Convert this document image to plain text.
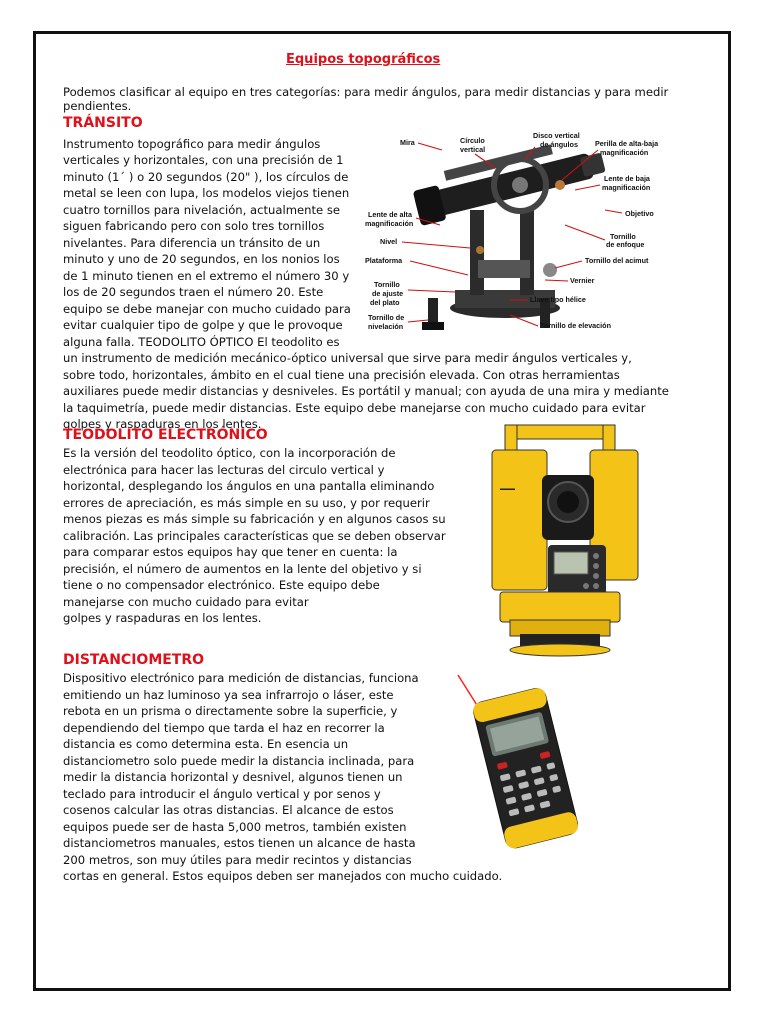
Equipos topográficos
Podemos clasificar al equipo en tres categorías: para medir ángulos, para medir distancias y para medir
pendientes.
TRÁNSITO
Instrumento topográfico para medir ángulos
verticales y horizontales, con una precisión de 1
minuto (1´ ) o 20 segundos (20" ), los círculos de
metal se leen con lupa, los modelos viejos tienen
cuatro tornillos para nivelación, actualmente se
siguen fabricando pero con solo tres tornillos
nivelantes. Para diferencia un tránsito de un
minuto y uno de 20 segundos, en los nonios los
de 1 minuto tienen en el extremo el número 30 y
los de 20 segundos traen el número 20. Este
equipo se debe manejar con mucho cuidado para
evitar cualquier tipo de golpe y que le provoque
alguna falla. TEODOLITO ÓPTICO El teodolito es
un instrumento de medición mecánico-óptico universal que sirve para medir ángulos verticales y,
sobre todo, horizontales, ámbito en el cual tiene una precisión elevada. Con otras herramientas
auxiliares puede medir distancias y desniveles. Es portátil y manual; con ayuda de una mira y mediante
la taquimetría, puede medir distancias. Este equipo debe manejarse con mucho cuidado para evitar
golpes y raspaduras en los lentes.
Mira	Círculo
vertical
Disco vertical
de ángulos Perilla de alta-baja
magnificación
Lente de baja
magnificación
Objetivo
Lente de alta
magnificación
Tornillo
de enfoque
Nivel
Plataforma	Tornillo del acimut
Tornillo
de ajuste
del plato
Vernier
Llave tipo hélice
Tornillo de
nivelación	Tornillo de elevación
TEODOLITO ELECTRÓNICO
Es la versión del teodolito óptico, con la incorporación de
electrónica para hacer las lecturas del circulo vertical y
horizontal, desplegando los ángulos en una pantalla eliminando
errores de apreciación, es más simple en su uso, y por requerir
menos piezas es más simple su fabricación y en algunos casos su
calibración. Las principales características que se deben observar
para comparar estos equipos hay que tener en cuenta: la
precisión, el número de aumentos en la lente del objetivo y si
tiene o no compensador electrónico. Este equipo debe
manejarse con mucho cuidado para evitar
golpes y raspaduras en los lentes.
▬▬▬
DISTANCIOMETRO
Dispositivo electrónico para medición de distancias, funciona
emitiendo un haz luminoso ya sea infrarrojo o láser, este
rebota en un prisma o directamente sobre la superficie, y
dependiendo del tiempo que tarda el haz en recorrer la
distancia es como determina esta. En esencia un
distanciometro solo puede medir la distancia inclinada, para
medir la distancia horizontal y desnivel, algunos tienen un
teclado para introducir el ángulo vertical y por senos y
cosenos calcular las otras distancias. El alcance de estos
equipos puede ser de hasta 5,000 metros, también existen
distanciometros manuales, estos tienen un alcance de hasta
200 metros, son muy útiles para medir recintos y distancias
cortas en general. Estos equipos deben ser manejados con mucho cuidado.
